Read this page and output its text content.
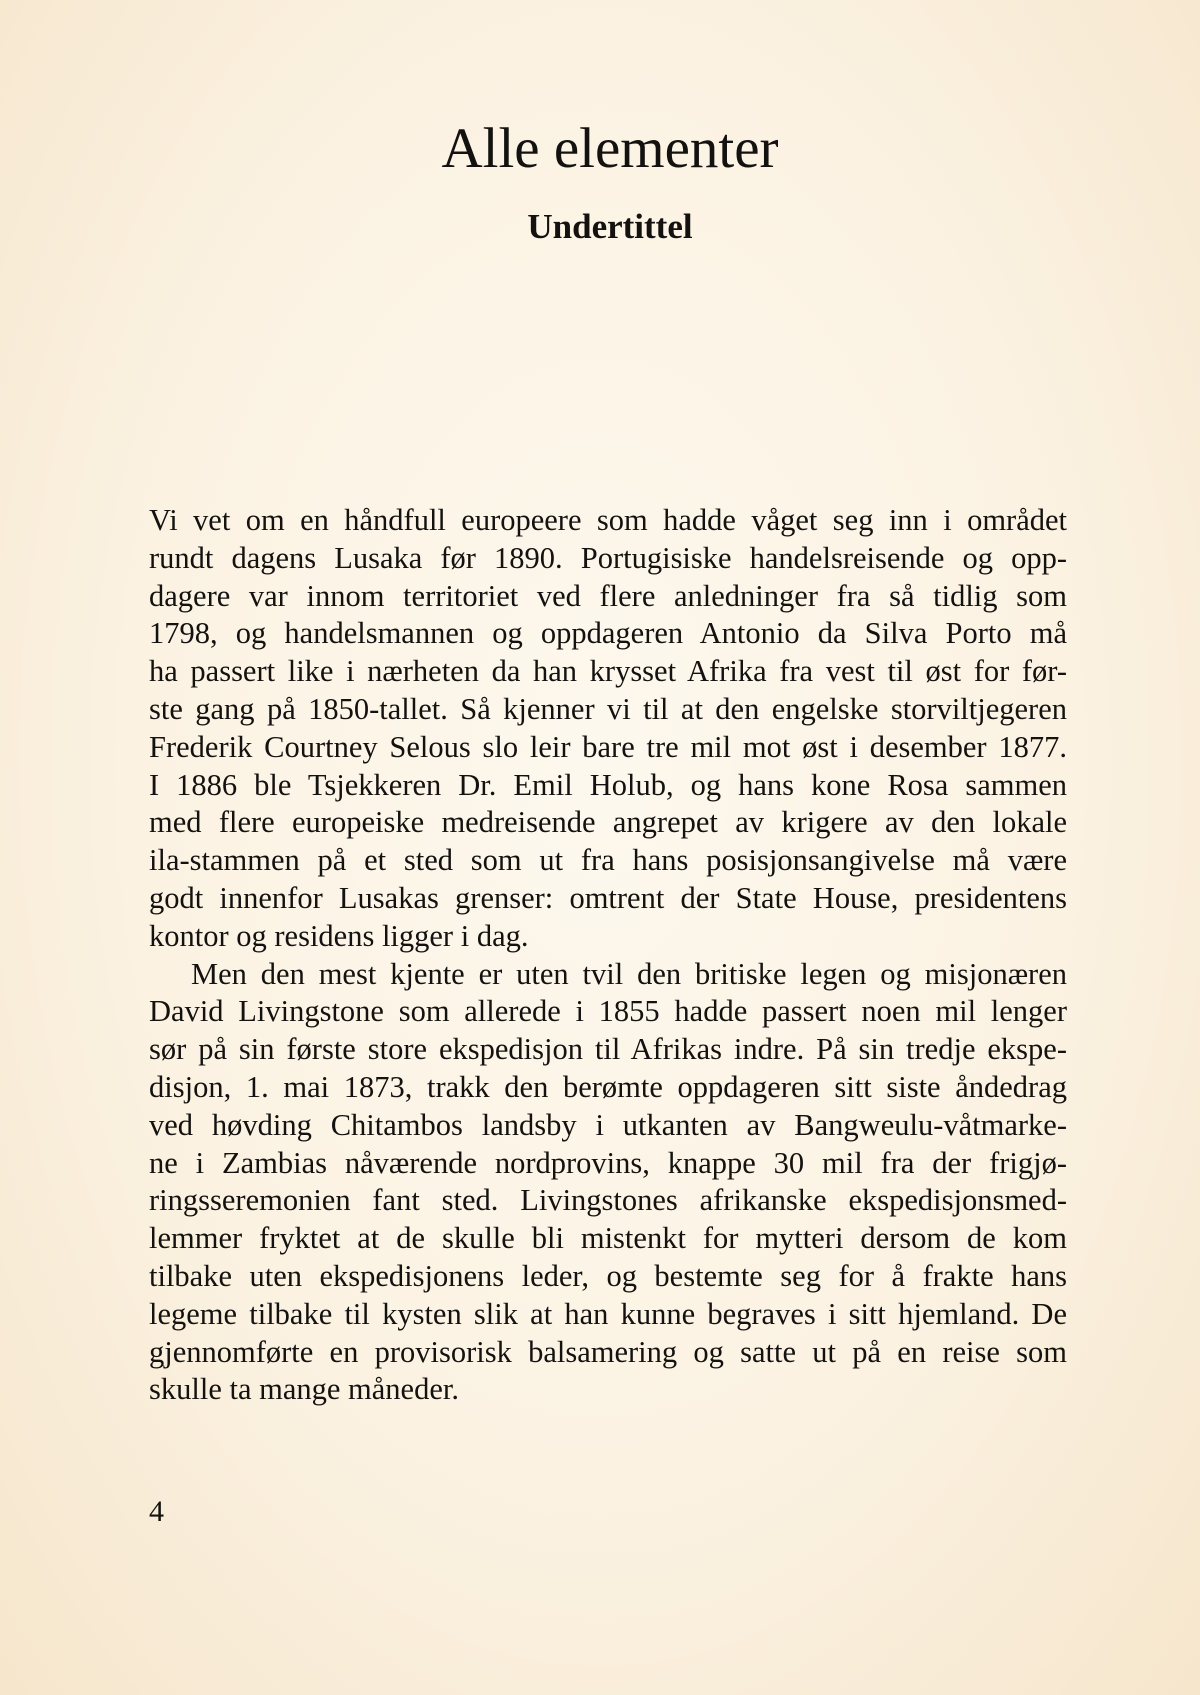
Alle elementer
Undertittel
Vi vet om en håndfull europeere som hadde våget seg inn i området
rundt dagens Lusaka før 1890. Portugisiske handelsreisende og opp-
dagere var innom territoriet ved flere anledninger fra så tidlig som
1798, og handelsmannen og oppdageren Antonio da Silva Porto må
ha passert like i nærheten da han krysset Afrika fra vest til øst for før-
ste gang på 1850-tallet. Så kjenner vi til at den engelske storviltjegeren
Frederik Courtney Selous slo leir bare tre mil mot øst i desember 1877.
I 1886 ble Tsjekkeren Dr. Emil Holub, og hans kone Rosa sammen
med flere europeiske medreisende angrepet av krigere av den lokale
ila-stammen på et sted som ut fra hans posisjonsangivelse må være
godt innenfor Lusakas grenser: omtrent der State House, presidentens
kontor og residens ligger i dag.
Men den mest kjente er uten tvil den britiske legen og misjonæren
David Livingstone som allerede i 1855 hadde passert noen mil lenger
sør på sin første store ekspedisjon til Afrikas indre. På sin tredje ekspe-
disjon, 1. mai 1873, trakk den berømte oppdageren sitt siste åndedrag
ved høvding Chitambos landsby i utkanten av Bangweulu-våtmarke-
ne i Zambias nåværende nordprovins, knappe 30 mil fra der frigjø-
ringsseremonien fant sted. Livingstones afrikanske ekspedisjonsmed-
lemmer fryktet at de skulle bli mistenkt for mytteri dersom de kom
tilbake uten ekspedisjonens leder, og bestemte seg for å frakte hans
legeme tilbake til kysten slik at han kunne begraves i sitt hjemland. De
gjennomførte en provisorisk balsamering og satte ut på en reise som
skulle ta mange måneder.
4
